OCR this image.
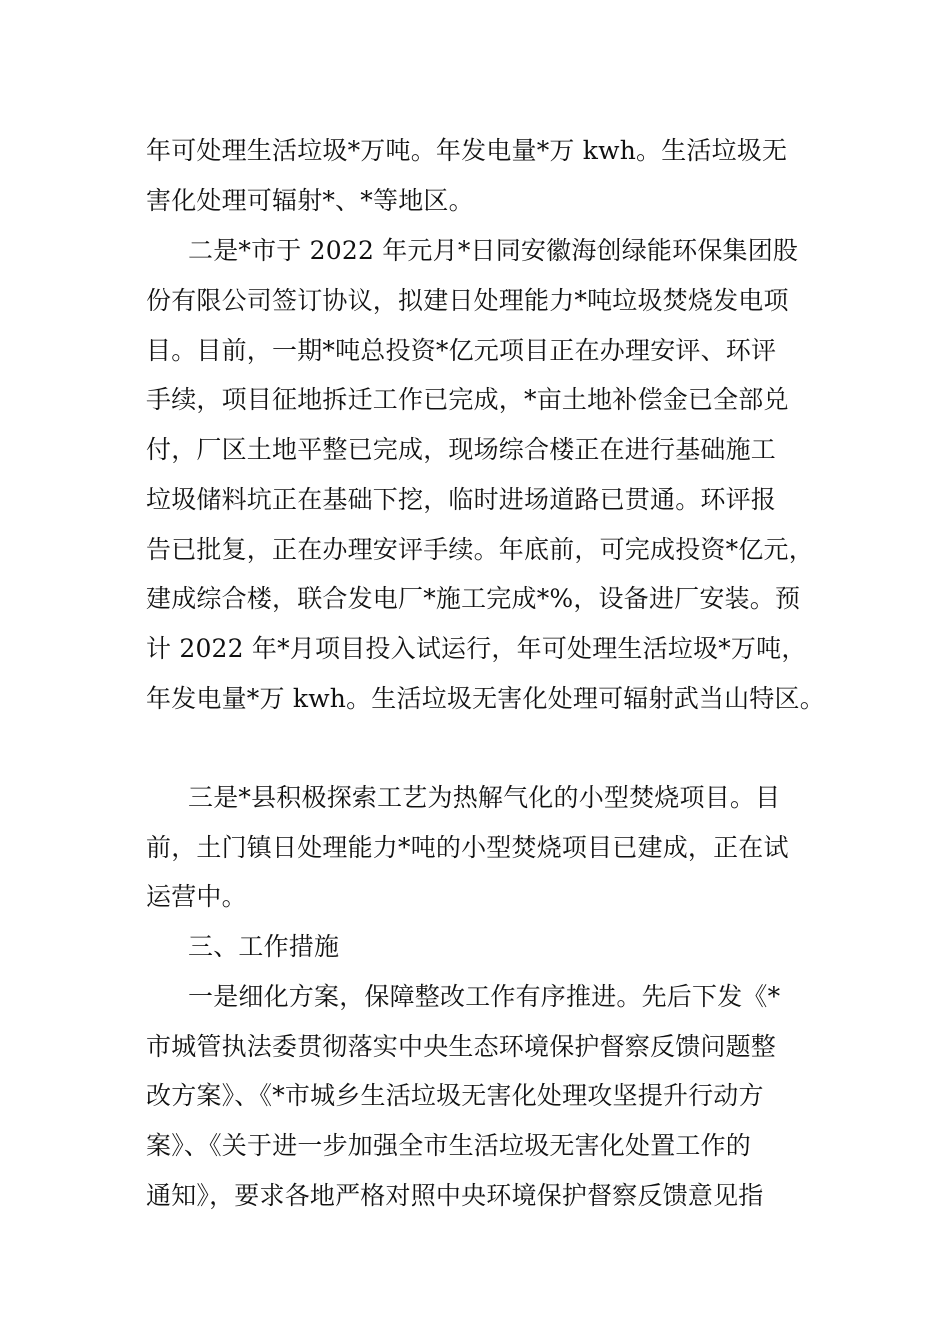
年可处理生活垃圾*万吨。年发电量*万 kwh。生活垃圾无
害化处理可辐射*、*等地区。
二是*市于 2022 年元月*日同安徽海创绿能环保集团股
份有限公司签订协议，拟建日处理能力*吨垃圾焚烧发电项
目。目前，一期*吨总投资*亿元项目正在办理安评、环评
手续，项目征地拆迁工作已完成，*亩土地补偿金已全部兑
付，厂区土地平整已完成，现场综合楼正在进行基础施工
垃圾储料坑正在基础下挖，临时进场道路已贯通。环评报
告已批复，正在办理安评手续。年底前，可完成投资*亿元，
建成综合楼，联合发电厂*施工完成*%，设备进厂安装。预
计 2022 年*月项目投入试运行，年可处理生活垃圾*万吨，
年发电量*万 kwh。生活垃圾无害化处理可辐射武当山特区。
三是*县积极探索工艺为热解气化的小型焚烧项目。目
前，土门镇日处理能力*吨的小型焚烧项目已建成，正在试
运营中。
三、工作措施
一是细化方案，保障整改工作有序推进。先后下发《*
市城管执法委贯彻落实中央生态环境保护督察反馈问题整
改方案》、《*市城乡生活垃圾无害化处理攻坚提升行动方
案》、《关于进一步加强全市生活垃圾无害化处置工作的
通知》，要求各地严格对照中央环境保护督察反馈意见指
